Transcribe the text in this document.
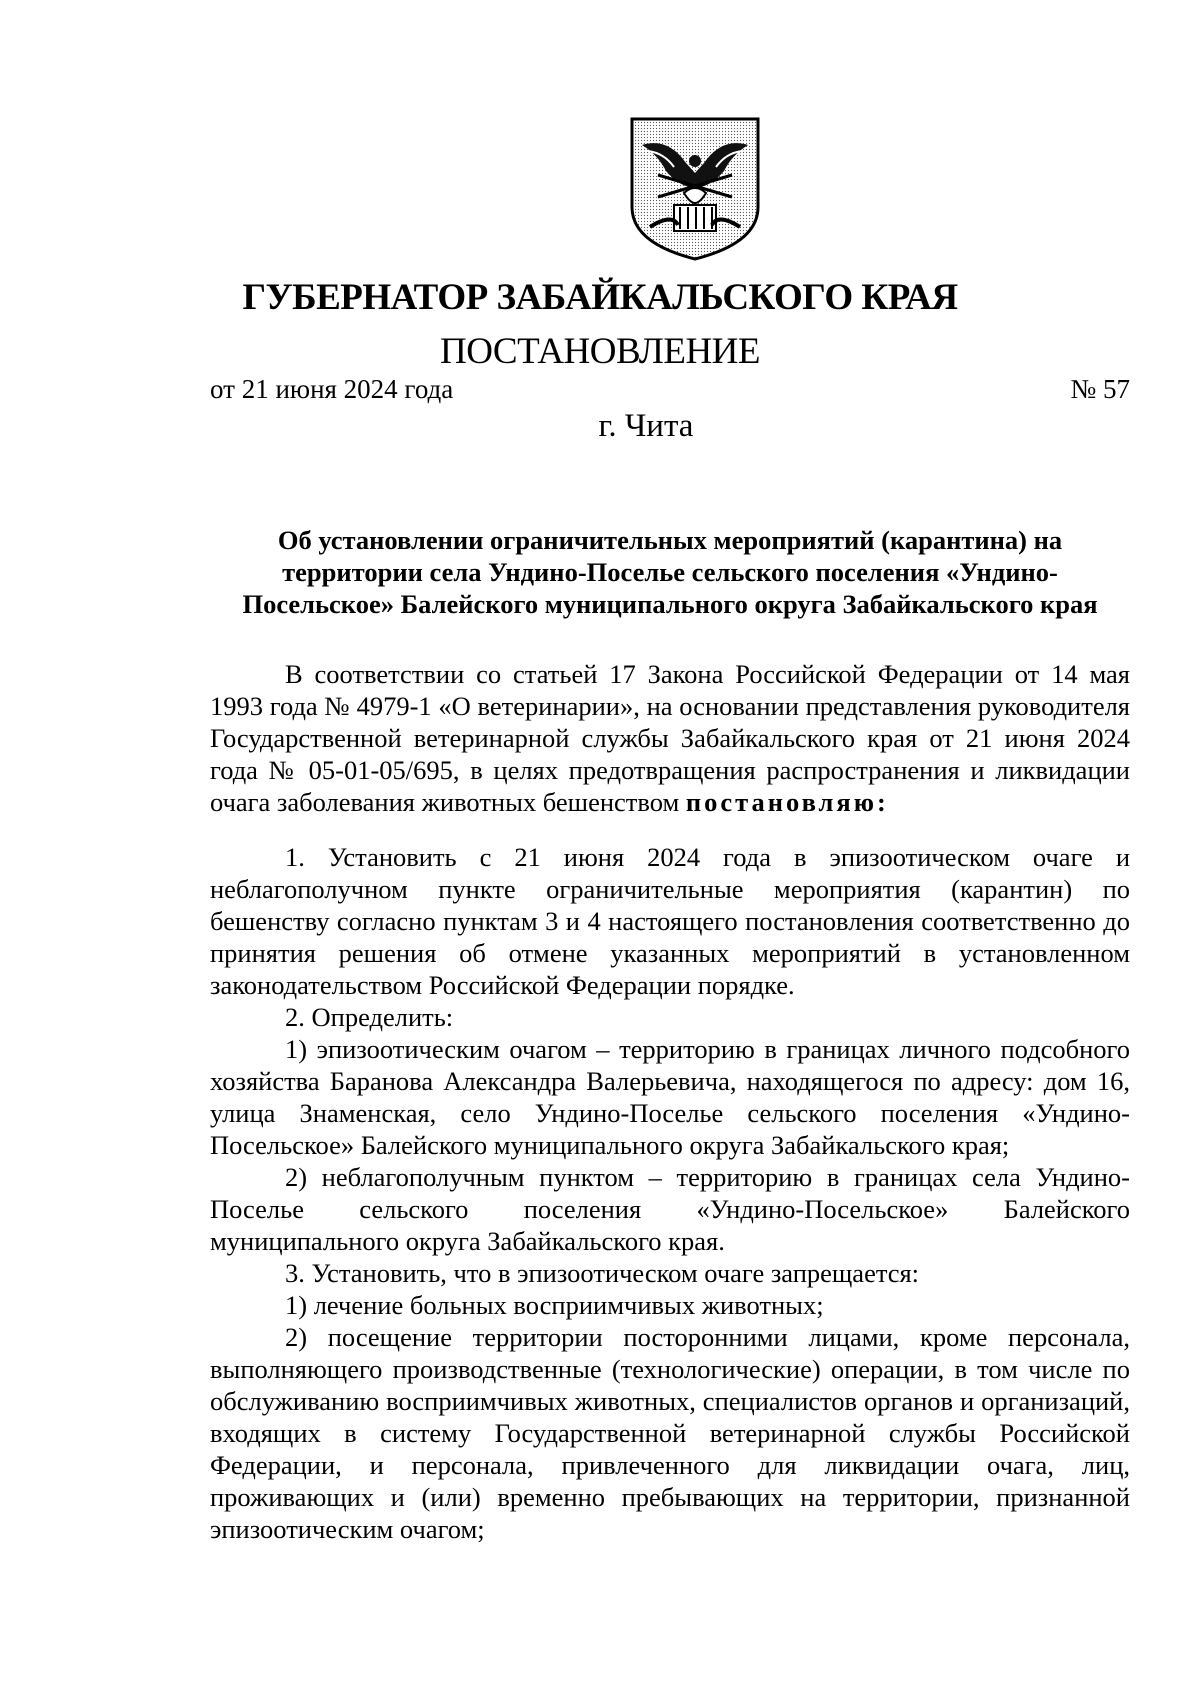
ГУБЕРНАТОР ЗАБАЙКАЛЬСКОГО КРАЯ
ПОСТАНОВЛЕНИЕ
от 21 июня 2024 года	№ 57
г. Чита
Об установлении ограничительных мероприятий (карантина) на территории села Ундино-Поселье сельского поселения «Ундино-Посельское» Балейского муниципального округа Забайкальского края

В соответствии со статьей 17 Закона Российской Федерации от 14 мая 1993 года № 4979-1 «О ветеринарии», на основании представления руководителя Государственной ветеринарной службы Забайкальского края от 21 июня 2024 года № 05-01-05/695, в целях предотвращения распространения и ликвидации очага заболевания животных бешенством постановляю:

1. Установить с 21 июня 2024 года в эпизоотическом очаге и неблагополучном пункте ограничительные мероприятия (карантин) по бешенству согласно пунктам 3 и 4 настоящего постановления соответственно до принятия решения об отмене указанных мероприятий в установленном законодательством Российской Федерации порядке.

2. Определить:

1) эпизоотическим очагом – территорию в границах личного подсобного хозяйства Баранова Александра Валерьевича, находящегося по адресу: дом 16, улица Знаменская, село Ундино-Поселье сельского поселения «Ундино-Посельское» Балейского муниципального округа Забайкальского края;

2) неблагополучным пунктом – территорию в границах села Ундино-Поселье сельского поселения «Ундино-Посельское» Балейского муниципального округа Забайкальского края.

3. Установить, что в эпизоотическом очаге запрещается:

1) лечение больных восприимчивых животных;

2) посещение территории посторонними лицами, кроме персонала, выполняющего производственные (технологические) операции, в том числе по обслуживанию восприимчивых животных, специалистов органов и организаций, входящих в систему Государственной ветеринарной службы Российской Федерации, и персонала, привлеченного для ликвидации очага, лиц, проживающих и (или) временно пребывающих на территории, признанной эпизоотическим очагом;
